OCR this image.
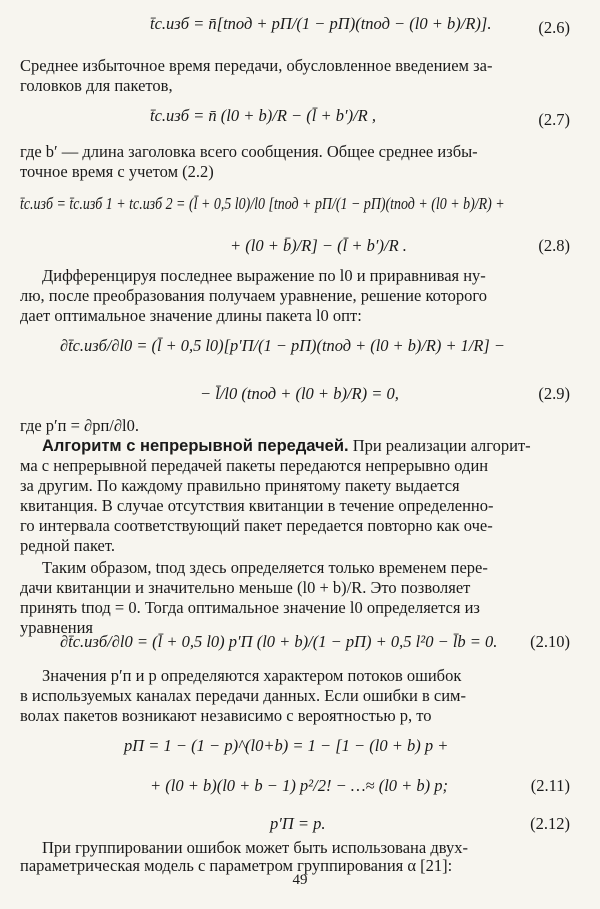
t̄с.изб = n̄[tпод + pП/(1 − pП)(tпод − (l0 + b)/R)].	(2.6)
Среднее избыточное время передачи, обусловленное введением за-
головков для пакетов,
t̄с.изб = n̄ (l0 + b)/R − (l̄ + b′)/R ,	(2.7)
где b′ — длина заголовка всего сообщения. Общее среднее избы-
точное время с учетом (2.2)
t̄с.изб = t̄с.изб 1 + tс.изб 2 = (l̄ + 0,5 l0)/l0 [tпод + pП/(1 − pП)(tпод + (l0 + b)/R) +
+ (l0 + b̄)/R] − (l̄ + b′)/R .	(2.8)
Дифференцируя последнее выражение по l0 и приравнивая ну-
лю, после преобразования получаем уравнение, решение которого
дает оптимальное значение длины пакета l0 опт:
∂t̄с.изб/∂l0 = (l̄ + 0,5 l0)[p′П/(1 − pП)(tпод + (l0 + b)/R) + 1/R] −
− l̄/l0 (tпод + (l0 + b)/R) = 0,	(2.9)
где p′п = ∂pп/∂l0.
Алгоритм с непрерывной передачей. При реализации алгорит-
ма с непрерывной передачей пакеты передаются непрерывно один
за другим. По каждому правильно принятому пакету выдается
квитанция. В случае отсутствия квитанции в течение определенно-
го интервала соответствующий пакет передается повторно как оче-
редной пакет.
Таким образом, tпод здесь определяется только временем пере-
дачи квитанции и значительно меньше (l0 + b)/R. Это позволяет
принять tпод = 0. Тогда оптимальное значение l0 определяется из
уравнения
∂t̄с.изб/∂l0 = (l̄ + 0,5 l0) p′П (l0 + b)/(1 − pП) + 0,5 l²0 − l̄b = 0. (2.10)
Значения p′п и p определяются характером потоков ошибок
в используемых каналах передачи данных. Если ошибки в сим-
волах пакетов возникают независимо с вероятностью p, то
pП = 1 − (1 − p)^(l0+b) = 1 − [1 − (l0 + b) p +
+ (l0 + b)(l0 + b − 1) p²/2! − …≈ (l0 + b) p;	(2.11)
p′П = p.	(2.12)
При группировании ошибок может быть использована двух-
параметрическая модель с параметром группирования α [21]:
49
